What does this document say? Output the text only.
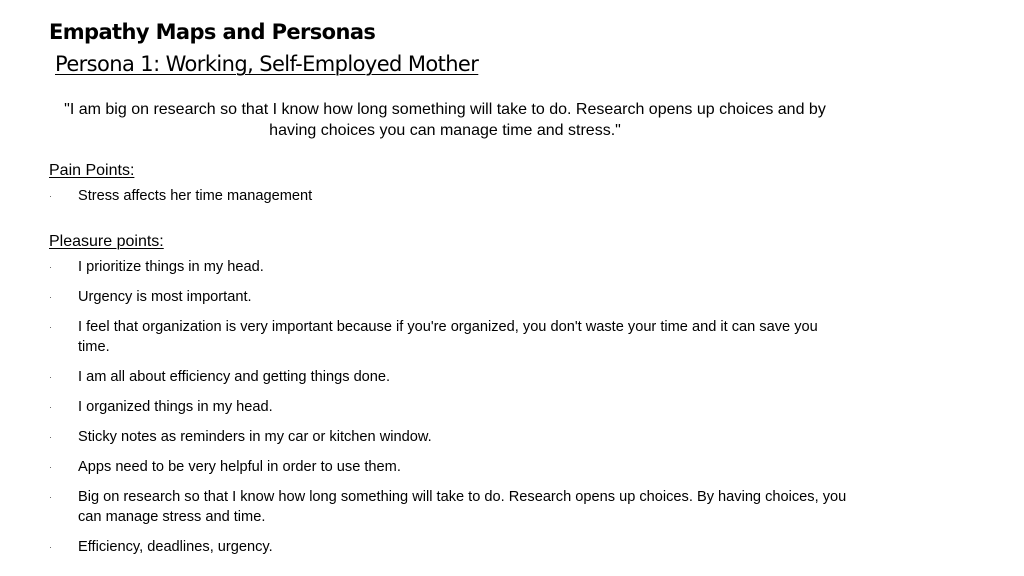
Empathy Maps and Personas
Persona 1: Working, Self-Employed Mother

"I am big on research so that I know how long something will take to do. Research opens up choices and by having choices you can manage time and stress."

Pain Points:
· Stress affects her time management
Pleasure points:
· I prioritize things in my head.
· Urgency is most important.
· I feel that organization is very important because if you're organized, you don't waste your time and it can save you time.
· I am all about efficiency and getting things done.
· I organized things in my head.
· Sticky notes as reminders in my car or kitchen window.
· Apps need to be very helpful in order to use them.
· Big on research so that I know how long something will take to do. Research opens up choices. By having choices, you can manage stress and time.
· Efficiency, deadlines, urgency.
